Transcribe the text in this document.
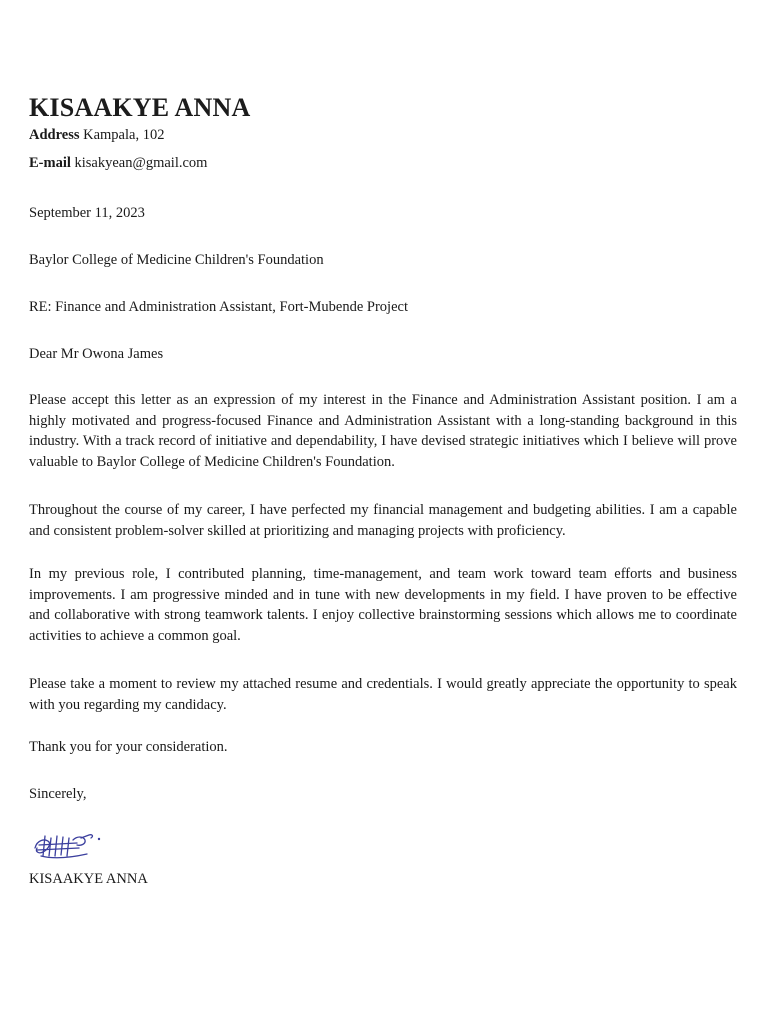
KISAAKYE ANNA
Address Kampala, 102
E-mail kisakyean@gmail.com
September 11, 2023
Baylor College of Medicine Children's Foundation
RE: Finance and Administration Assistant, Fort-Mubende Project
Dear Mr Owona James

Please accept this letter as an expression of my interest in the Finance and Administration Assistant position. I am a highly motivated and progress-focused Finance and Administration Assistant with a long-standing background in this industry. With a track record of initiative and dependability, I have devised strategic initiatives which I believe will prove valuable to Baylor College of Medicine Children's Foundation.

Throughout the course of my career, I have perfected my financial management and budgeting abilities. I am a capable and consistent problem-solver skilled at prioritizing and managing projects with proficiency.

In my previous role, I contributed planning, time-management, and team work toward team efforts and business improvements. I am progressive minded and in tune with new developments in my field. I have proven to be effective and collaborative with strong teamwork talents. I enjoy collective brainstorming sessions which allows me to coordinate activities to achieve a common goal.

Please take a moment to review my attached resume and credentials. I would greatly appreciate the opportunity to speak with you regarding my candidacy.

Thank you for your consideration.
Sincerely,
KISAAKYE ANNA
